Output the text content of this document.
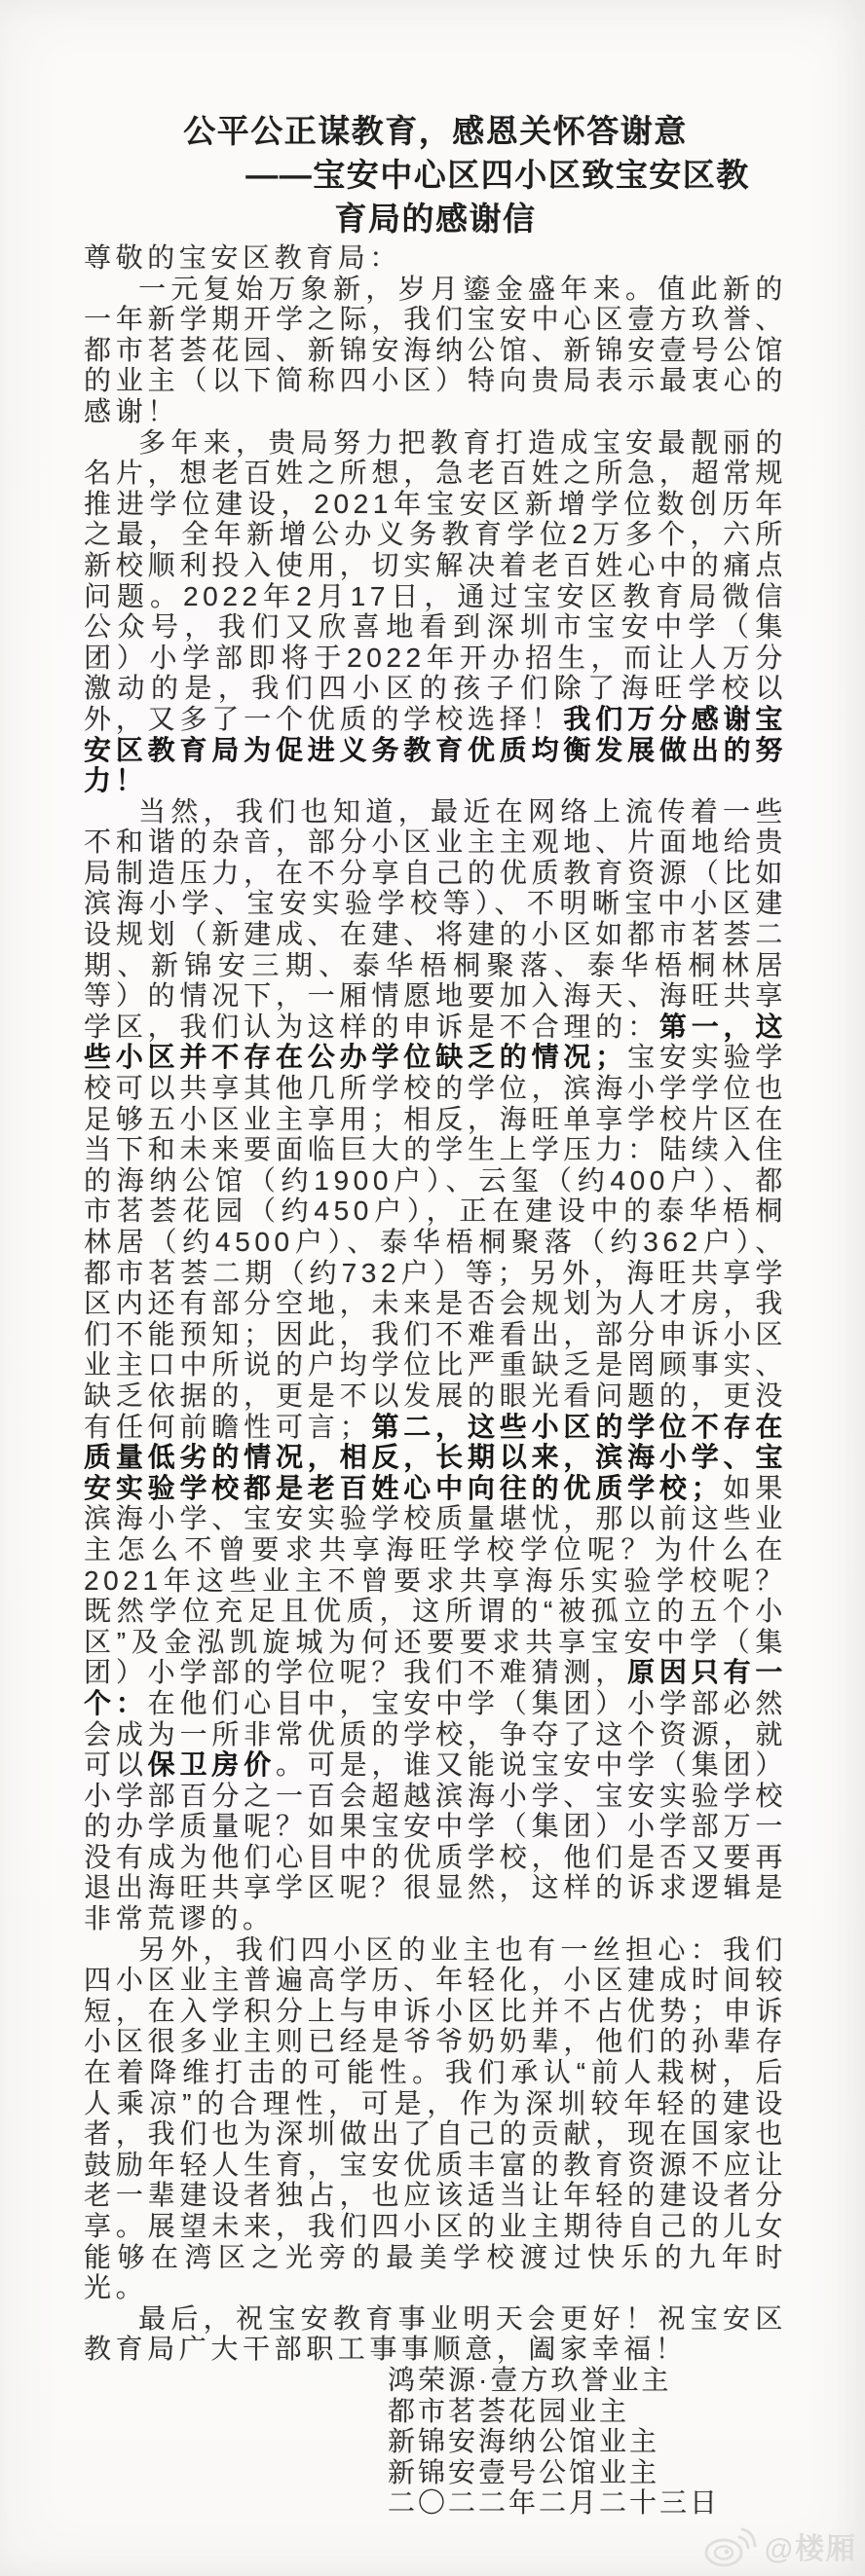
公平公正谋教育，感恩关怀答谢意
——宝安中心区四小区致宝安区教
育局的感谢信

尊敬的宝安区教育局：

一元复始万象新，岁月鎏金盛年来。值此新的一年新学期开学之际，我们宝安中心区壹方玖誉、都市茗荟花园、新锦安海纳公馆、新锦安壹号公馆的业主（以下简称四小区）特向贵局表示最衷心的感谢！

多年来，贵局努力把教育打造成宝安最靓丽的名片，想老百姓之所想，急老百姓之所急，超常规推进学位建设，2021年宝安区新增学位数创历年之最，全年新增公办义务教育学位2万多个，六所新校顺利投入使用，切实解决着老百姓心中的痛点问题。2022年2月17日，通过宝安区教育局微信公众号，我们又欣喜地看到深圳市宝安中学（集团）小学部即将于2022年开办招生，而让人万分激动的是，我们四小区的孩子们除了海旺学校以外，又多了一个优质的学校选择！我们万分感谢宝安区教育局为促进义务教育优质均衡发展做出的努力！

当然，我们也知道，最近在网络上流传着一些不和谐的杂音，部分小区业主主观地、片面地给贵局制造压力，在不分享自己的优质教育资源（比如滨海小学、宝安实验学校等）、不明晰宝中小区建设规划（新建成、在建、将建的小区如都市茗荟二期、新锦安三期、泰华梧桐聚落、泰华梧桐林居等）的情况下，一厢情愿地要加入海天、海旺共享学区，我们认为这样的申诉是不合理的：第一，这些小区并不存在公办学位缺乏的情况；宝安实验学校可以共享其他几所学校的学位，滨海小学学位也足够五小区业主享用；相反，海旺单享学校片区在当下和未来要面临巨大的学生上学压力：陆续入住的海纳公馆（约1900户）、云玺（约400户）、都市茗荟花园（约450户），正在建设中的泰华梧桐林居（约4500户）、泰华梧桐聚落（约362户）、都市茗荟二期（约732户）等；另外，海旺共享学区内还有部分空地，未来是否会规划为人才房，我们不能预知；因此，我们不难看出，部分申诉小区业主口中所说的户均学位比严重缺乏是罔顾事实、缺乏依据的，更是不以发展的眼光看问题的，更没有任何前瞻性可言；第二，这些小区的学位不存在质量低劣的情况，相反，长期以来，滨海小学、宝安实验学校都是老百姓心中向往的优质学校；如果滨海小学、宝安实验学校质量堪忧，那以前这些业主怎么不曾要求共享海旺学校学位呢？为什么在2021年这些业主不曾要求共享海乐实验学校呢？既然学位充足且优质，这所谓的“被孤立的五个小区”及金泓凯旋城为何还要要求共享宝安中学（集团）小学部的学位呢？我们不难猜测，原因只有一个：在他们心目中，宝安中学（集团）小学部必然会成为一所非常优质的学校，争夺了这个资源，就可以保卫房价。可是，谁又能说宝安中学（集团）小学部百分之一百会超越滨海小学、宝安实验学校的办学质量呢？如果宝安中学（集团）小学部万一没有成为他们心目中的优质学校，他们是否又要再退出海旺共享学区呢？很显然，这样的诉求逻辑是非常荒谬的。

另外，我们四小区的业主也有一丝担心：我们四小区业主普遍高学历、年轻化，小区建成时间较短，在入学积分上与申诉小区比并不占优势；申诉小区很多业主则已经是爷爷奶奶辈，他们的孙辈存在着降维打击的可能性。我们承认“前人栽树，后人乘凉”的合理性，可是，作为深圳较年轻的建设者，我们也为深圳做出了自己的贡献，现在国家也鼓励年轻人生育，宝安优质丰富的教育资源不应让老一辈建设者独占，也应该适当让年轻的建设者分享。展望未来，我们四小区的业主期待自己的儿女能够在湾区之光旁的最美学校渡过快乐的九年时光。

最后，祝宝安教育事业明天会更好！祝宝安区教育局广大干部职工事事顺意，阖家幸福！

鸿荣源·壹方玖誉业主
都市茗荟花园业主
新锦安海纳公馆业主
新锦安壹号公馆业主
二〇二二年二月二十三日
@楼厢
